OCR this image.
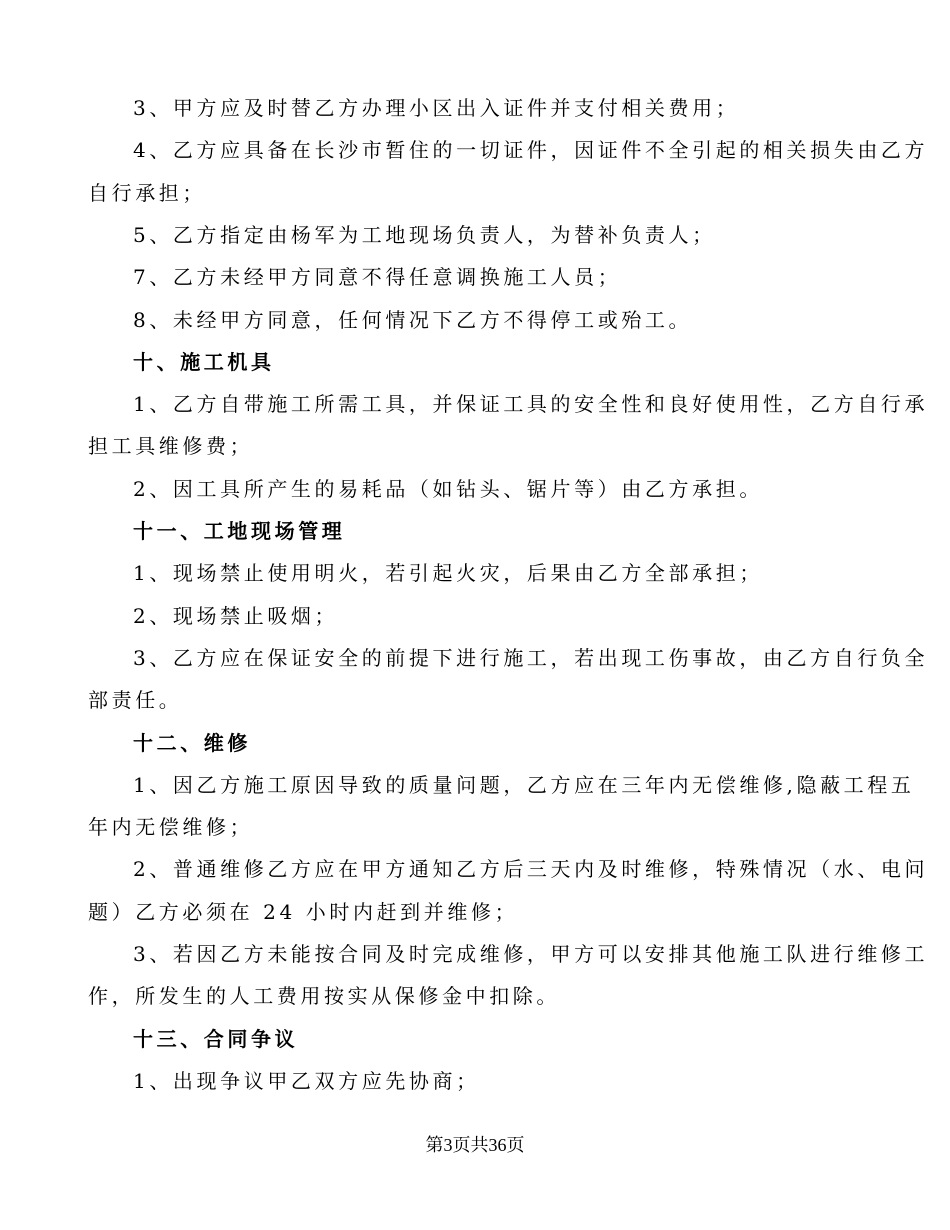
3、甲方应及时替乙方办理小区出入证件并支付相关费用；
4、乙方应具备在长沙市暂住的一切证件，因证件不全引起的相关损失由乙方
自行承担；
5、乙方指定由杨军为工地现场负责人，为替补负责人；
7、乙方未经甲方同意不得任意调换施工人员；
8、未经甲方同意，任何情况下乙方不得停工或殆工。
十、施工机具
1、乙方自带施工所需工具，并保证工具的安全性和良好使用性，乙方自行承
担工具维修费；
2、因工具所产生的易耗品（如钻头、锯片等）由乙方承担。
十一、工地现场管理
1、现场禁止使用明火，若引起火灾，后果由乙方全部承担；
2、现场禁止吸烟；
3、乙方应在保证安全的前提下进行施工，若出现工伤事故，由乙方自行负全
部责任。
十二、维修
1、因乙方施工原因导致的质量问题，乙方应在三年内无偿维修,隐蔽工程五
年内无偿维修；
2、普通维修乙方应在甲方通知乙方后三天内及时维修，特殊情况（水、电问
题）乙方必须在 24 小时内赶到并维修；
3、若因乙方未能按合同及时完成维修，甲方可以安排其他施工队进行维修工
作，所发生的人工费用按实从保修金中扣除。
十三、合同争议
1、出现争议甲乙双方应先协商；
第3页共36页
